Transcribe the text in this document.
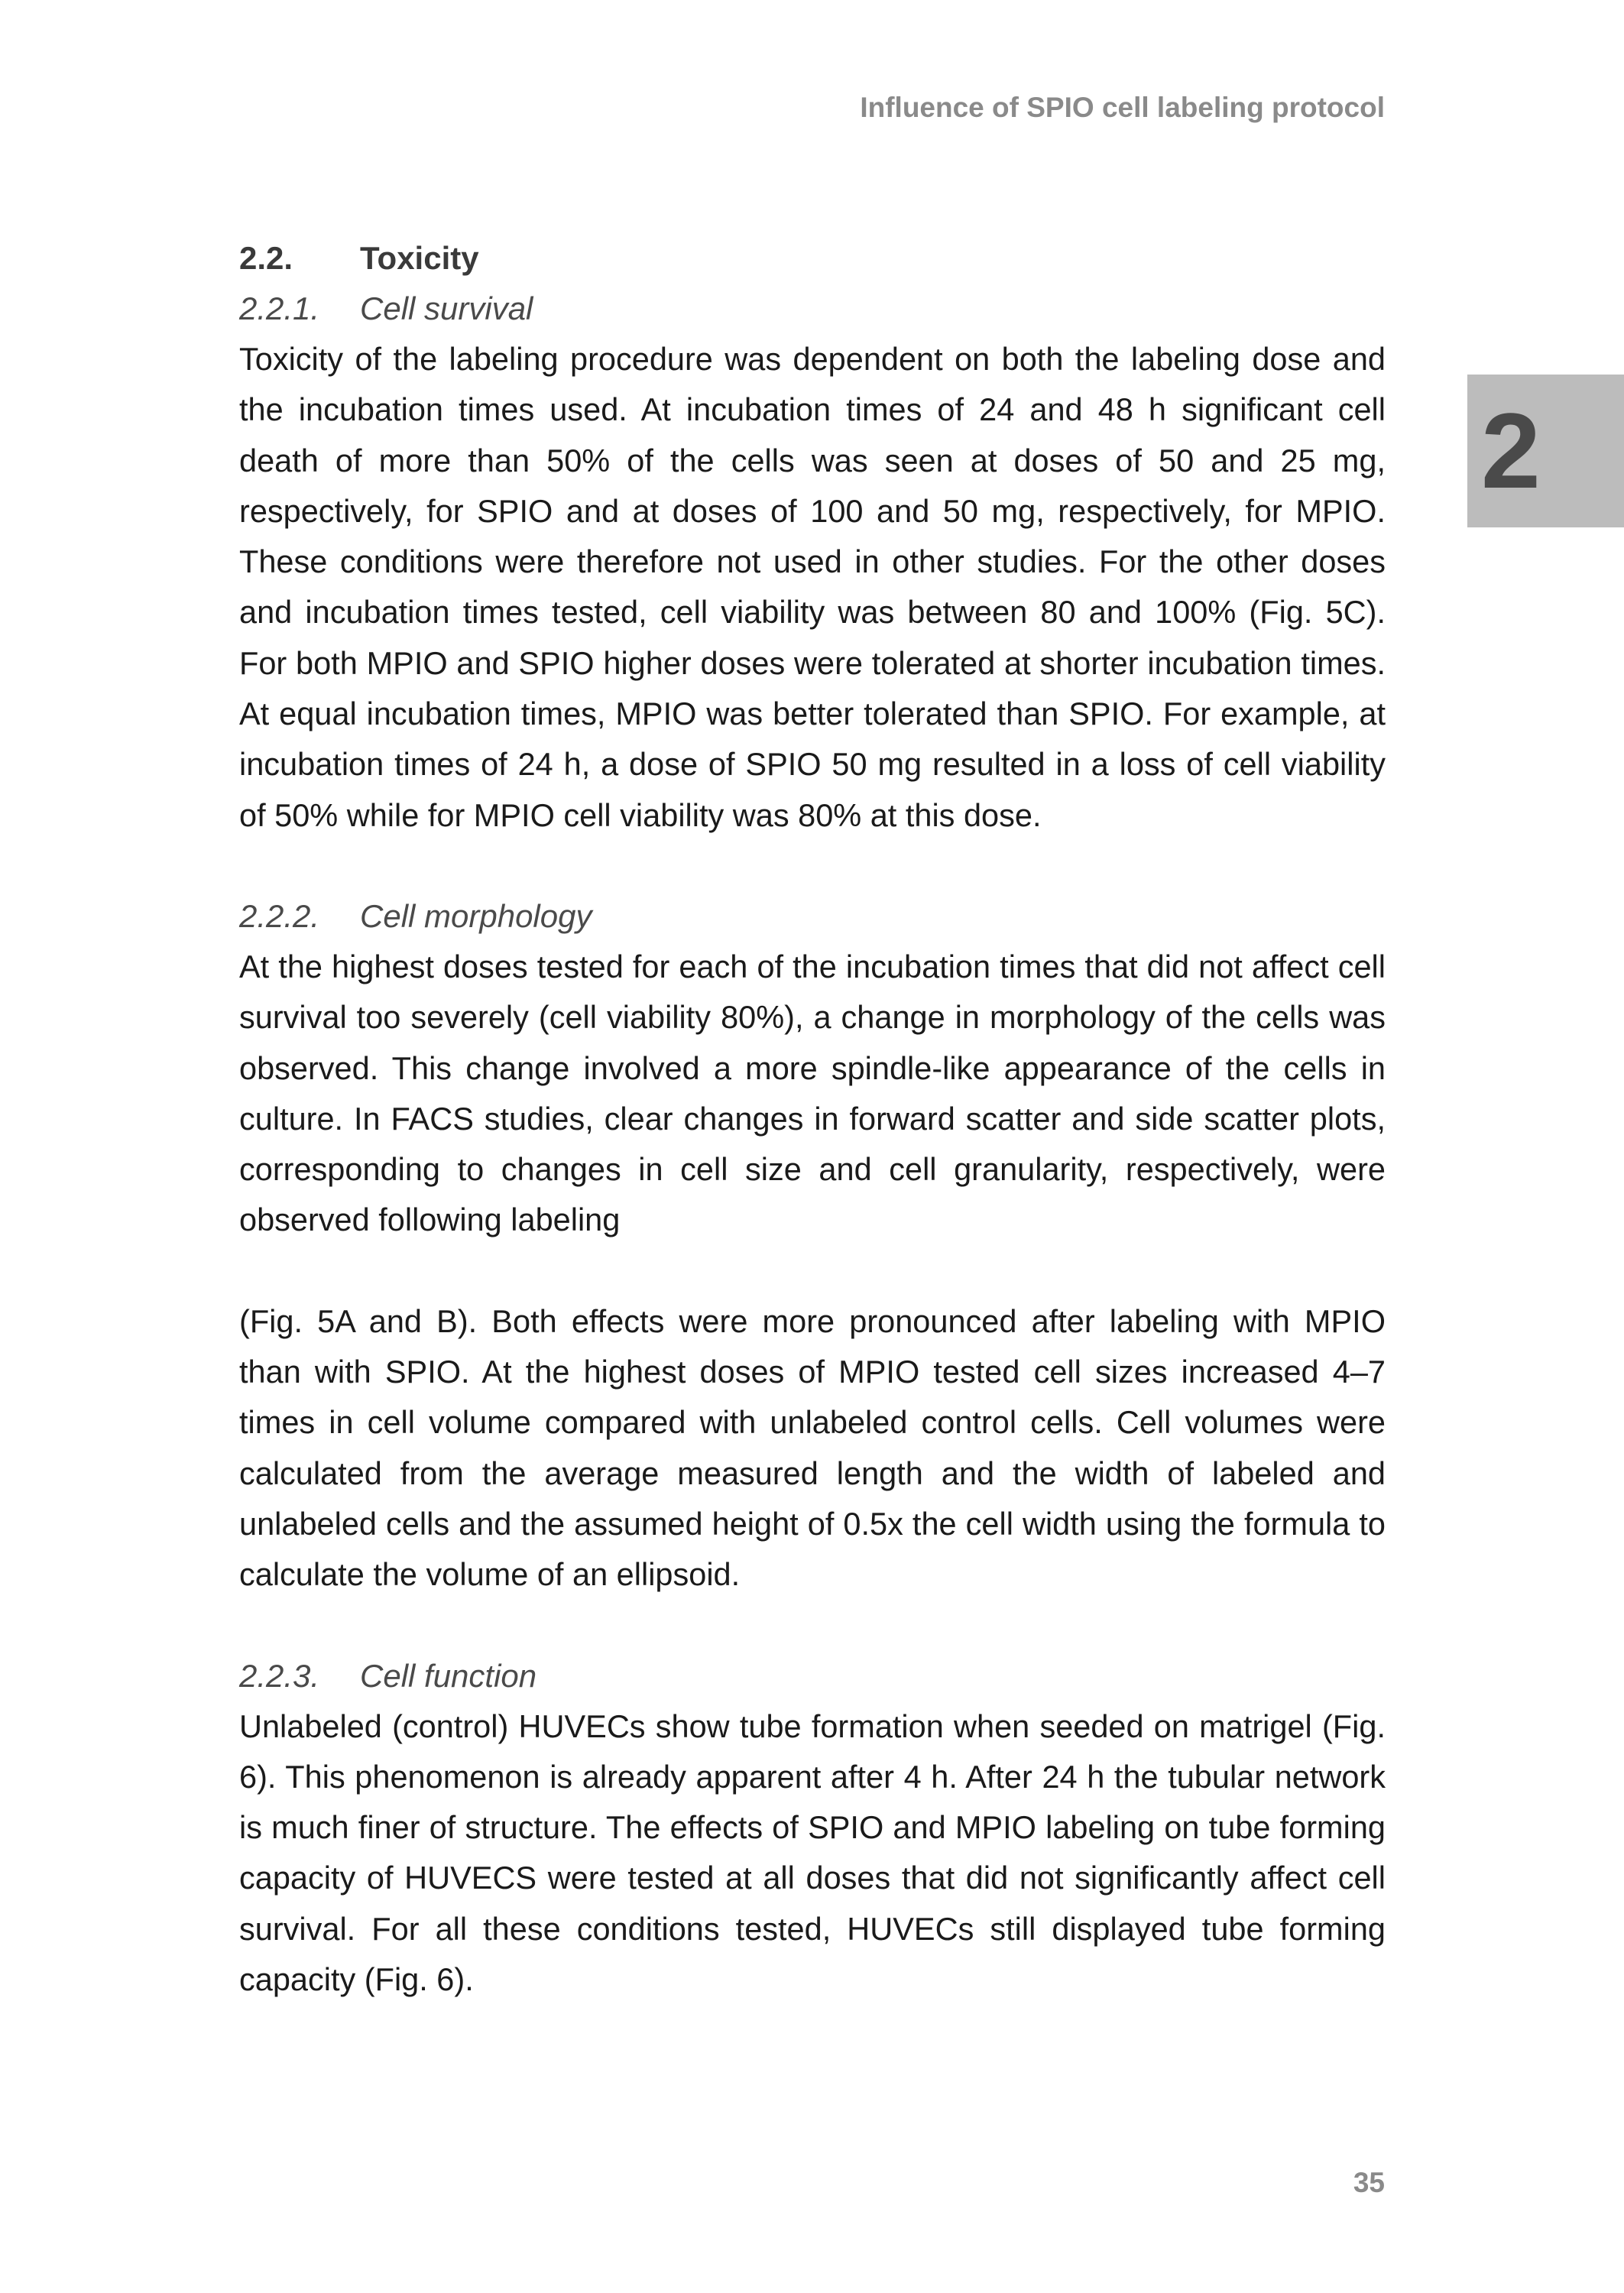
Influence of SPIO cell labeling protocol
2
2.2.	Toxicity
2.2.1.	Cell survival

Toxicity of the labeling procedure was dependent on both the labeling dose and the incubation times used. At incubation times of 24 and 48 h significant cell death of more than 50% of the cells was seen at doses of 50 and 25 mg, respectively, for SPIO and at doses of 100 and 50 mg, respectively, for MPIO. These conditions were therefore not used in other studies. For the other doses and incubation times tested, cell viability was between 80 and 100% (Fig. 5C). For both MPIO and SPIO higher doses were tolerated at shorter incubation times. At equal incubation times, MPIO was better tolerated than SPIO. For example, at incubation times of 24 h, a dose of SPIO 50 mg resulted in a loss of cell viability of 50% while for MPIO cell viability was 80% at this dose.

2.2.2.	Cell morphology

At the highest doses tested for each of the incubation times that did not affect cell survival too severely (cell viability 80%), a change in morphology of the cells was observed. This change involved a more spindle-like appearance of the cells in culture. In FACS studies, clear changes in forward scatter and side scatter plots, corresponding to changes in cell size and cell granularity, respectively, were observed following labeling

(Fig. 5A and B). Both effects were more pronounced after labeling with MPIO than with SPIO. At the highest doses of MPIO tested cell sizes increased 4–7 times in cell volume compared with unlabeled control cells. Cell volumes were calculated from the average measured length and the width of labeled and unlabeled cells and the assumed height of 0.5x the cell width using the formula to calculate the volume of an ellipsoid.

2.2.3.	Cell function

Unlabeled (control) HUVECs show tube formation when seeded on matrigel (Fig. 6). This phenomenon is already apparent after 4 h. After 24 h the tubular network is much finer of structure. The effects of SPIO and MPIO labeling on tube forming capacity of HUVECS were tested at all doses that did not significantly affect cell survival. For all these conditions tested, HUVECs still displayed tube forming capacity (Fig. 6).

35
